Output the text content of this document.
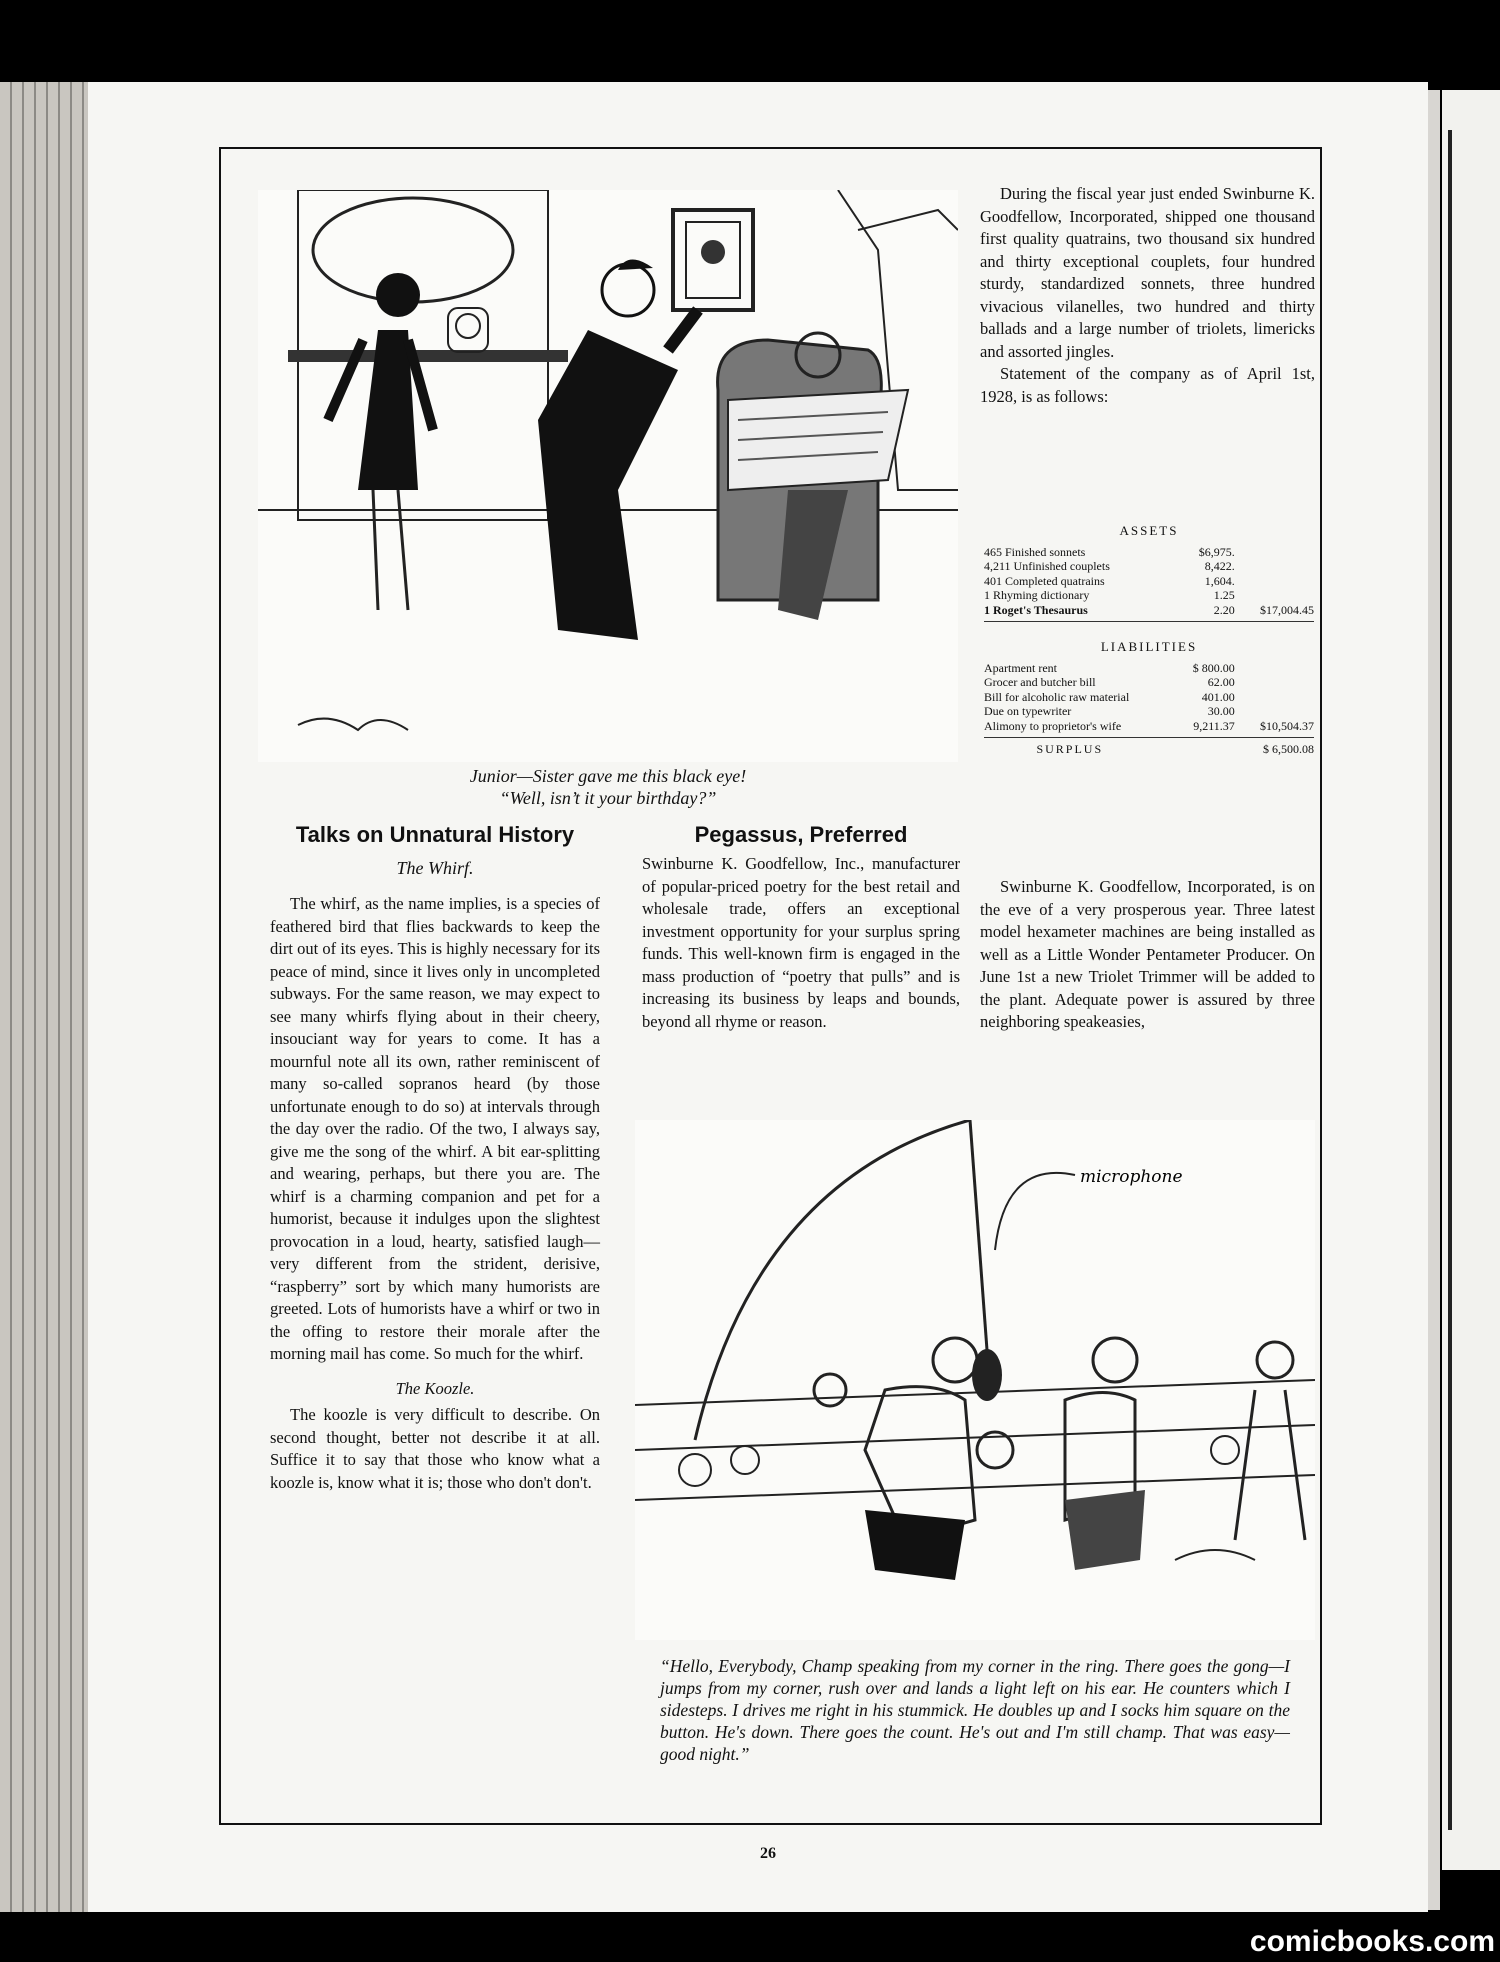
Junior—Sister gave me this black eye!
“Well, isn’t it your birthday?”
Talks on Unnatural History
The Whirf.

The whirf, as the name implies, is a species of feathered bird that flies backwards to keep the dirt out of its eyes. This is highly necessary for its peace of mind, since it lives only in uncompleted subways. For the same reason, we may expect to see many whirfs flying about in their cheery, insouciant way for years to come. It has a mournful note all its own, rather reminiscent of many so-called sopranos heard (by those unfortunate enough to do so) at intervals through the day over the radio. Of the two, I always say, give me the song of the whirf. A bit ear-splitting and wearing, perhaps, but there you are. The whirf is a charming companion and pet for a humorist, because it indulges upon the slightest provocation in a loud, hearty, satisfied laugh—very different from the strident, derisive, “raspberry” sort by which many humorists are greeted. Lots of humorists have a whirf or two in the offing to restore their morale after the morning mail has come. So much for the whirf.

The Koozle.

The koozle is very difficult to describe. On second thought, better not describe it at all. Suffice it to say that those who know what a koozle is, know what it is; those who don't don't.

Pegassus, Preferred

Swinburne K. Goodfellow, Inc., manufacturer of popular-priced poetry for the best retail and wholesale trade, offers an exceptional investment opportunity for your surplus spring funds. This well-known firm is engaged in the mass production of “poetry that pulls” and is increasing its business by leaps and bounds, beyond all rhyme or reason.

During the fiscal year just ended Swinburne K. Goodfellow, Incorporated, shipped one thousand first quality quatrains, two thousand six hundred and thirty exceptional couplets, four hundred sturdy, standardized sonnets, three hundred vivacious vilanelles, two hundred and thirty ballads and a large number of triolets, limericks and assorted jingles.

Statement of the company as of April 1st, 1928, is as follows:

ASSETS
465 Finished sonnets	$6,975.
4,211 Unfinished couplets	8,422.
401 Completed quatrains	1,604.
1 Rhyming dictionary	1.25
1 Roget's Thesaurus	2.20	$17,004.45
LIABILITIES
Apartment rent	$ 800.00
Grocer and butcher bill	62.00
Bill for alcoholic raw material	401.00
Due on typewriter	30.00
Alimony to proprietor's wife	9,211.37	$10,504.37
SURPLUS	$ 6,500.08

Swinburne K. Goodfellow, Incorporated, is on the eve of a very prosperous year. Three latest model hexameter machines are being installed as well as a Little Wonder Pentameter Producer. On June 1st a new Triolet Trimmer will be added to the plant. Adequate power is assured by three neighboring speakeasies,

microphone
“Hello, Everybody, Champ speaking from my corner in the ring. There goes the gong—I jumps from my corner, rush over and lands a light left on his ear. He counters which I sidesteps. I drives me right in his stummick. He doubles up and I socks him square on the button. He's down. There goes the count. He's out and I'm still champ. That was easy—good night.”
26
comicbooks.com
